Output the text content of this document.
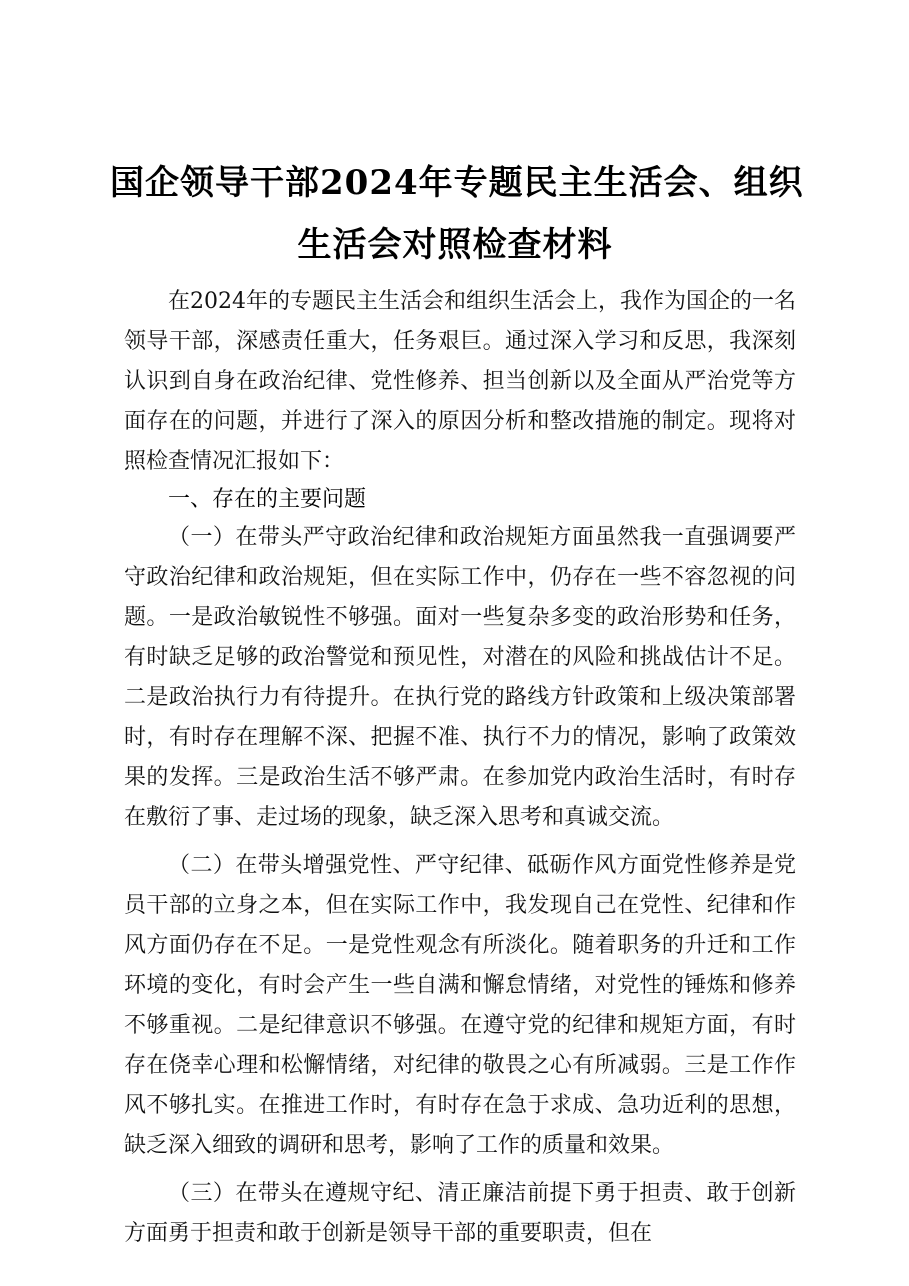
国企领导干部2024年专题民主生活会、组织
生活会对照检查材料

在2024年的专题民主生活会和组织生活会上，我作为国企的一名领导干部，深感责任重大，任务艰巨。通过深入学习和反思，我深刻认识到自身在政治纪律、党性修养、担当创新以及全面从严治党等方面存在的问题，并进行了深入的原因分析和整改措施的制定。现将对照检查情况汇报如下：

一、存在的主要问题

（一）在带头严守政治纪律和政治规矩方面虽然我一直强调要严守政治纪律和政治规矩，但在实际工作中，仍存在一些不容忽视的问题。一是政治敏锐性不够强。面对一些复杂多变的政治形势和任务，有时缺乏足够的政治警觉和预见性，对潜在的风险和挑战估计不足。二是政治执行力有待提升。在执行党的路线方针政策和上级决策部署时，有时存在理解不深、把握不准、执行不力的情况，影响了政策效果的发挥。三是政治生活不够严肃。在参加党内政治生活时，有时存在敷衍了事、走过场的现象，缺乏深入思考和真诚交流。

（二）在带头增强党性、严守纪律、砥砺作风方面党性修养是党员干部的立身之本，但在实际工作中，我发现自己在党性、纪律和作风方面仍存在不足。一是党性观念有所淡化。随着职务的升迁和工作环境的变化，有时会产生一些自满和懈怠情绪，对党性的锤炼和修养不够重视。二是纪律意识不够强。在遵守党的纪律和规矩方面，有时存在侥幸心理和松懈情绪，对纪律的敬畏之心有所减弱。三是工作作风不够扎实。在推进工作时，有时存在急于求成、急功近利的思想，缺乏深入细致的调研和思考，影响了工作的质量和效果。

（三）在带头在遵规守纪、清正廉洁前提下勇于担责、敢于创新方面勇于担责和敢于创新是领导干部的重要职责，但在
